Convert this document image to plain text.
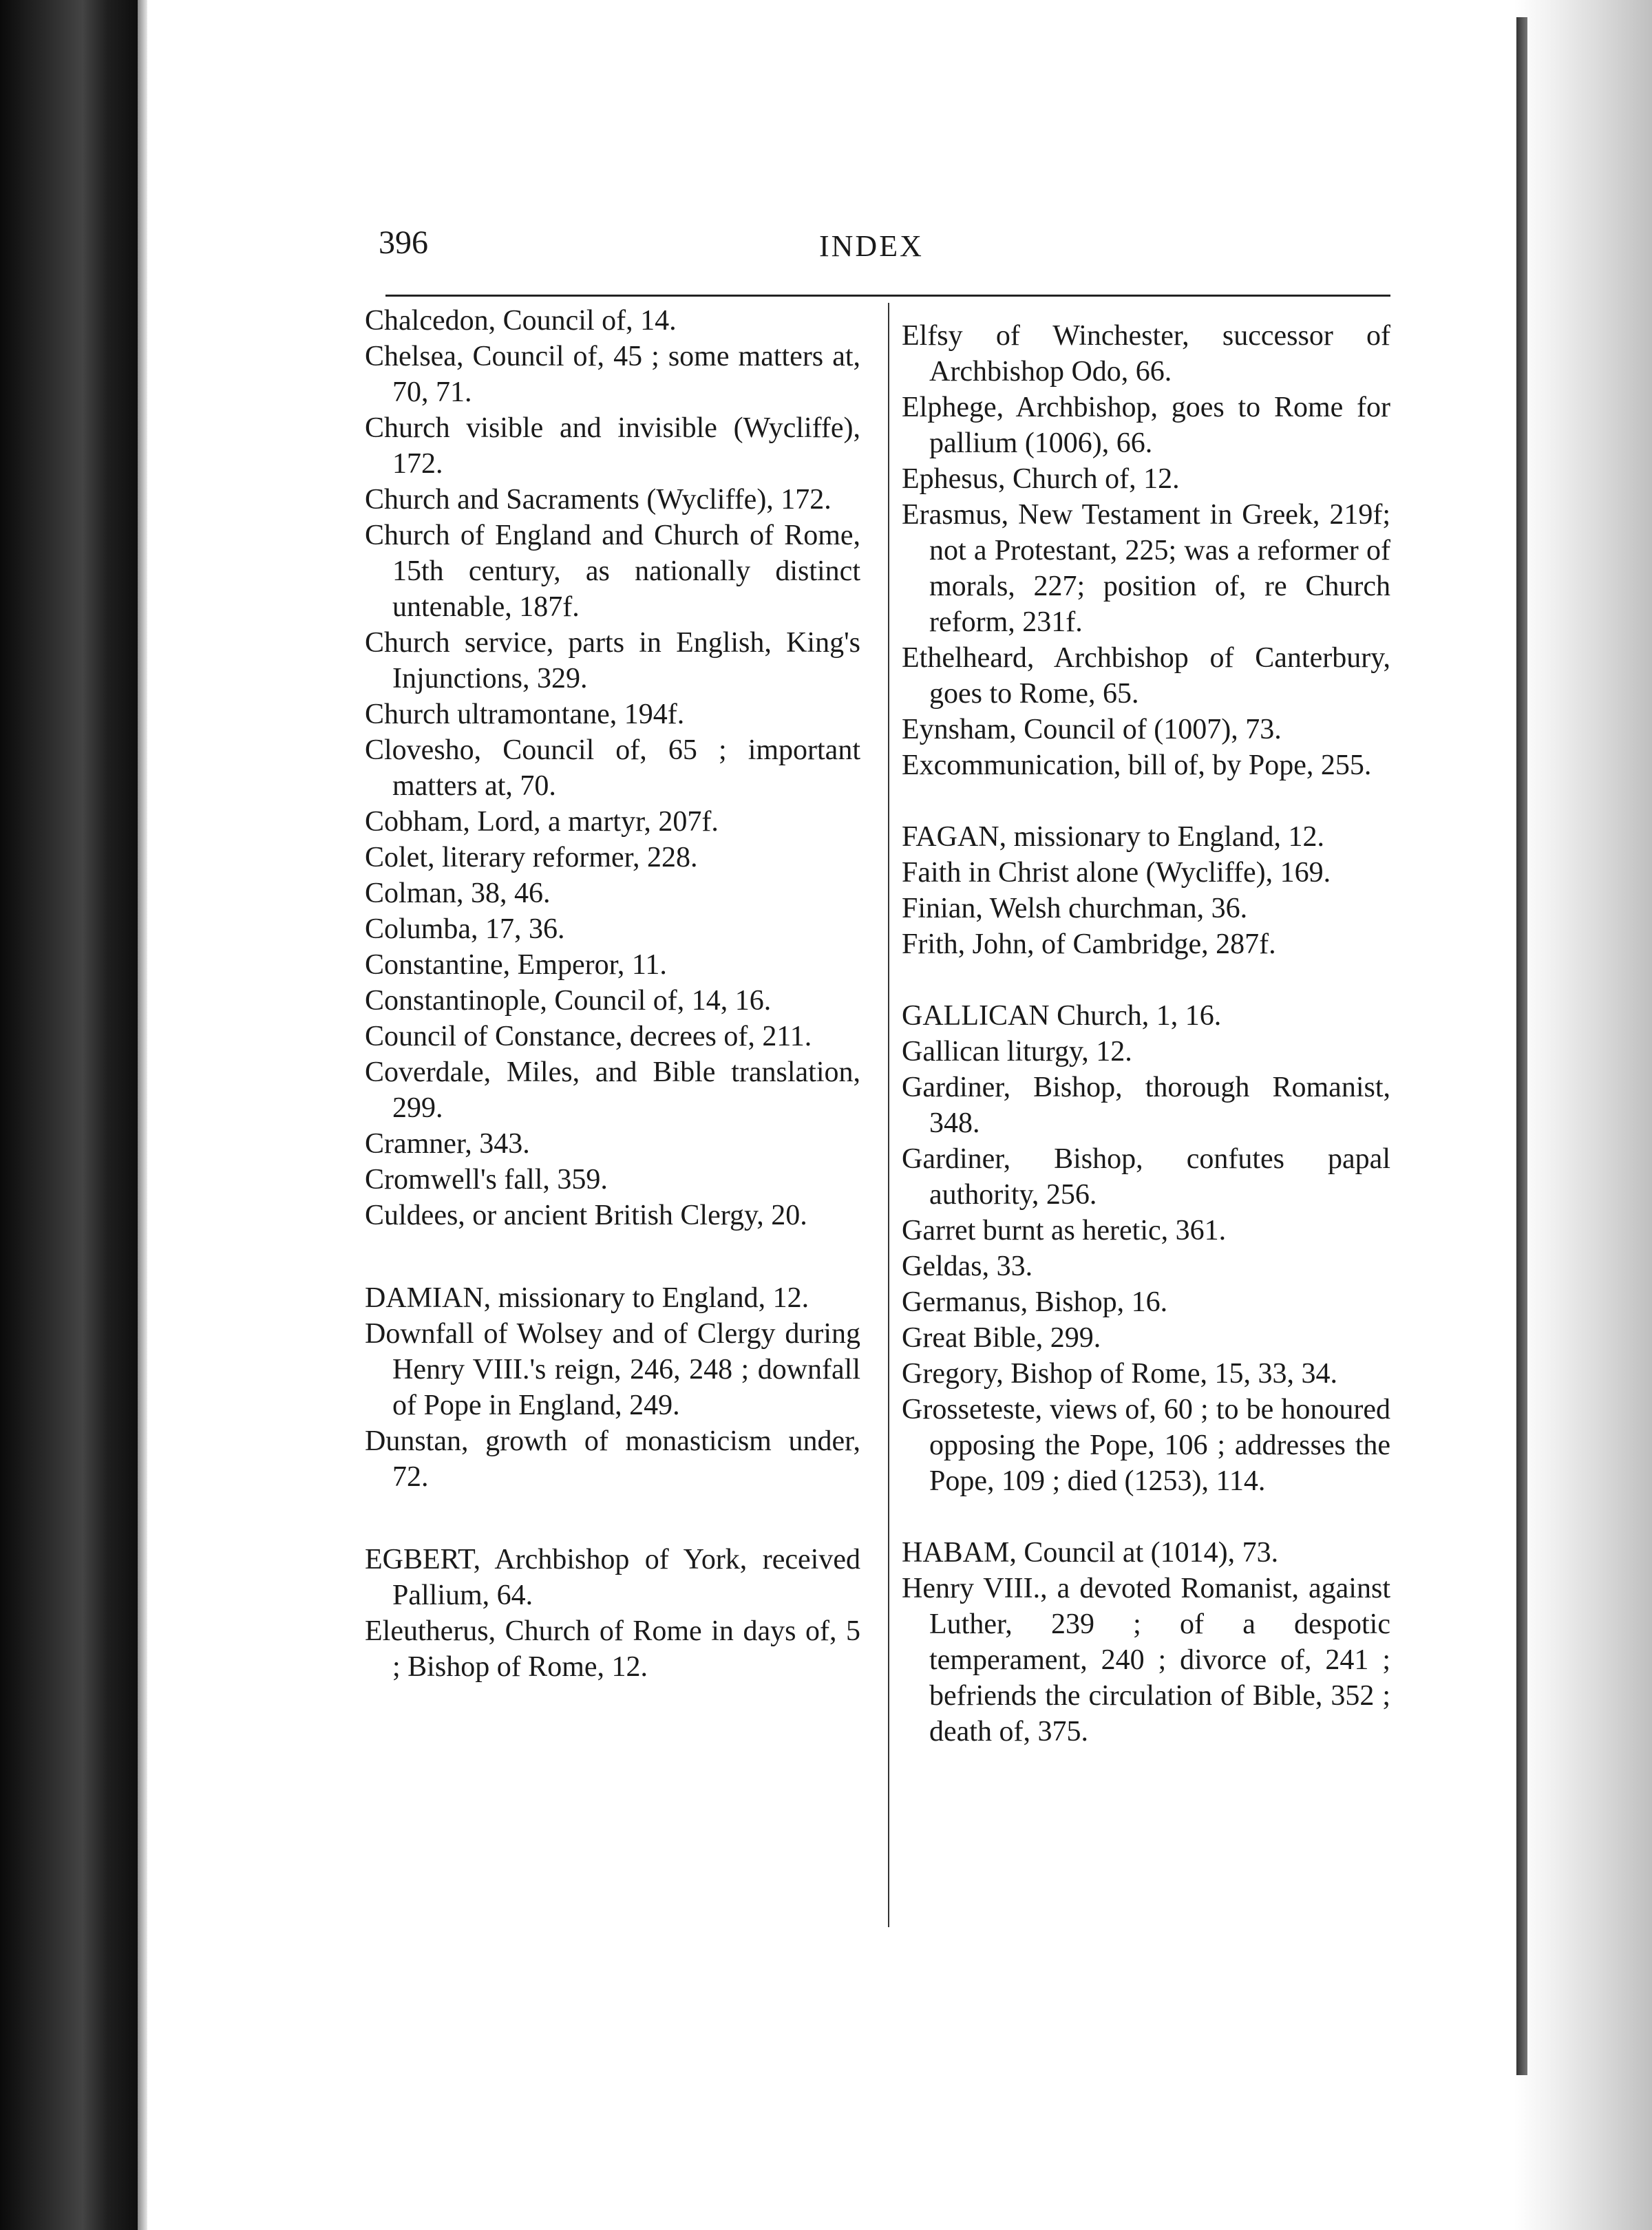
396	INDEX

Chalcedon, Council of, 14.

Chelsea, Council of, 45 ; some matters at, 70, 71.

Church visible and invisible (Wycliffe), 172.

Church and Sacraments (Wycliffe), 172.

Church of England and Church of Rome, 15th century, as nationally distinct untenable, 187f.

Church service, parts in English, King's Injunctions, 329.

Church ultramontane, 194f.

Clovesho, Council of, 65 ; important matters at, 70.

Cobham, Lord, a martyr, 207f.

Colet, literary reformer, 228.

Colman, 38, 46.

Columba, 17, 36.

Constantine, Emperor, 11.

Constantinople, Council of, 14, 16.

Council of Constance, decrees of, 211.

Coverdale, Miles, and Bible translation, 299.

Cramner, 343.

Cromwell's fall, 359.

Culdees, or ancient British Clergy, 20.

DAMIAN, missionary to England, 12.

Downfall of Wolsey and of Clergy during Henry VIII.'s reign, 246, 248 ; downfall of Pope in England, 249.

Dunstan, growth of monasticism under, 72.

EGBERT, Archbishop of York, received Pallium, 64.

Eleutherus, Church of Rome in days of, 5 ; Bishop of Rome, 12.

Elfsy of Winchester, successor of Archbishop Odo, 66.

Elphege, Archbishop, goes to Rome for pallium (1006), 66.

Ephesus, Church of, 12.

Erasmus, New Testament in Greek, 219f; not a Protestant, 225; was a reformer of morals, 227; position of, re Church reform, 231f.

Ethelheard, Archbishop of Canterbury, goes to Rome, 65.

Eynsham, Council of (1007), 73.

Excommunication, bill of, by Pope, 255.

FAGAN, missionary to England, 12.

Faith in Christ alone (Wycliffe), 169.

Finian, Welsh churchman, 36.

Frith, John, of Cambridge, 287f.

GALLICAN Church, 1, 16.

Gallican liturgy, 12.

Gardiner, Bishop, thorough Romanist, 348.

Gardiner, Bishop, confutes papal authority, 256.

Garret burnt as heretic, 361.

Geldas, 33.

Germanus, Bishop, 16.

Great Bible, 299.

Gregory, Bishop of Rome, 15, 33, 34.

Grosseteste, views of, 60 ; to be honoured opposing the Pope, 106 ; addresses the Pope, 109 ; died (1253), 114.

HABAM, Council at (1014), 73.

Henry VIII., a devoted Romanist, against Luther, 239 ; of a despotic temperament, 240 ; divorce of, 241 ; befriends the circulation of Bible, 352 ; death of, 375.
